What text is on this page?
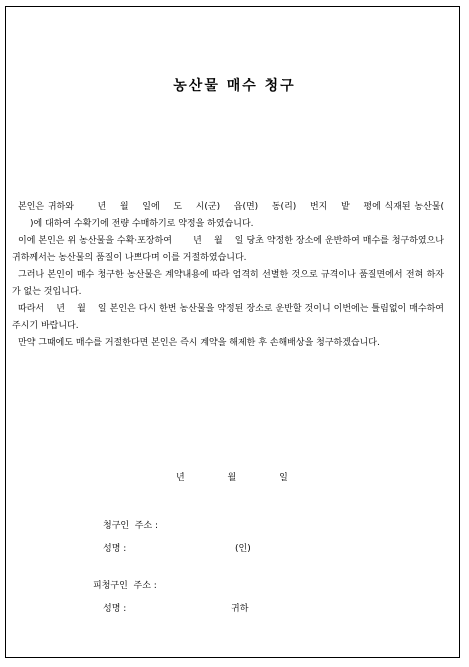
농산물 매수 청구

본인은 귀하와 　　년 　월 　일에 　도 　시(군) 　읍(면) 　동(리) 　번지 　밭 　평에 식재된 농산물( 　　)에 대하여 수확기에 전량 수매하기로 약정을 하였습니다.

이에 본인은 위 농산물을 수확·포장하여 　　년 　월 　일 당초 약정한 장소에 운반하여 매수를 청구하였으나 귀하께서는 농산물의 품질이 나쁘다며 이를 거절하였습니다.

그러나 본인이 매수 청구한 농산물은 계약내용에 따라 엄격히 선별한 것으로 규격이나 품질면에서 전혀 하자가 없는 것입니다.

따라서 　년 　월 　일 본인은 다시 한번 농산물을 약정된 장소로 운반할 것이니 이번에는 틀림없이 매수하여 주시기 바랍니다.

만약 그때에도 매수를 거절한다면 본인은 즉시 계약을 해제한 후 손해배상을 청구하겠습니다.

년 월 일
청구인  주소 :
성명 :	(인)
피청구인  주소 :
성명 :	귀하
